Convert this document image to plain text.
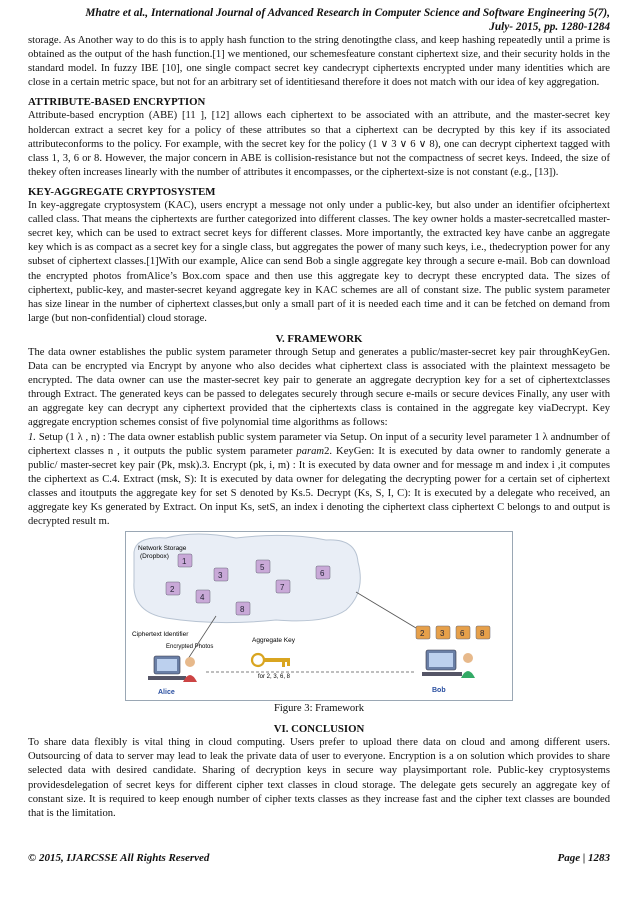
Mhatre et al., International Journal of Advanced Research in Computer Science and Software Engineering 5(7),
July- 2015, pp. 1280-1284

storage. As Another way to do this is to apply hash function to the string denotingthe class, and keep hashing repeatedly until a prime is obtained as the output of the hash function.[1] we mentioned, our schemesfeature constant ciphertext size, and their security holds in the standard model. In fuzzy IBE [10], one single compact secret key candecrypt ciphertexts encrypted under many identities which are close in a certain metric space, but not for an arbitrary set of identitiesand therefore it does not match with our idea of key aggregation.

ATTRIBUTE-BASED ENCRYPTION

Attribute-based encryption (ABE) [11 ], [12] allows each ciphertext to be associated with an attribute, and the master-secret key holdercan extract a secret key for a policy of these attributes so that a ciphertext can be decrypted by this key if its associated attributeconforms to the policy. For example, with the secret key for the policy (1 ∨ 3 ∨ 6 ∨ 8), one can decrypt ciphertext tagged with class 1, 3, 6 or 8. However, the major concern in ABE is collision-resistance but not the compactness of secret keys. Indeed, the size of thekey often increases linearly with the number of attributes it encompasses, or the ciphertext-size is not constant (e.g., [13]).

KEY-AGGREGATE CRYPTOSYSTEM

In key-aggregate cryptosystem (KAC), users encrypt a message not only under a public-key, but also under an identifier ofciphertext called class. That means the ciphertexts are further categorized into different classes. The key owner holds a master-secretcalled master-secret key, which can be used to extract secret keys for different classes. More importantly, the extracted key have canbe an aggregate key which is as compact as a secret key for a single class, but aggregates the power of many such keys, i.e., thedecryption power for any subset of ciphertext classes.[1]With our example, Alice can send Bob a single aggregate key through a secure e-mail. Bob can download the encrypted photos fromAlice’s Box.com space and then use this aggregate key to decrypt these encrypted data. The sizes of ciphertext, public-key, and master-secret keyand aggregate key in KAC schemes are all of constant size. The public system parameter has size linear in the number of ciphertext classes,but only a small part of it is needed each time and it can be fetched on demand from large (but non-confidential) cloud storage.

V. FRAMEWORK

The data owner establishes the public system parameter through Setup and generates a public/master-secret key pair throughKeyGen. Data can be encrypted via Encrypt by anyone who also decides what ciphertext class is associated with the plaintext messageto be encrypted. The data owner can use the master-secret key pair to generate an aggregate decryption key for a set of ciphertextclasses through Extract. The generated keys can be passed to delegates securely through secure e-mails or secure devices Finally, any user with an aggregate key can decrypt any ciphertext provided that the ciphertexts class is contained in the aggregate key viaDecrypt. Key aggregate encryption schemes consist of five polynomial time algorithms as follows:

1. Setup (1 λ , n) : The data owner establish public system parameter via Setup. On input of a security level parameter 1 λ andnumber of ciphertext classes n , it outputs the public system parameter param2. KeyGen: It is executed by data owner to randomly generate a public/ master-secret key pair (Pk, msk).3. Encrypt (pk, i, m) : It is executed by data owner and for message m and index i ,it computes the ciphertext as C.4. Extract (msk, S): It is executed by data owner for delegating the decrypting power for a certain set of ciphertext classes and itoutputs the aggregate key for set S denoted by Ks.5. Decrypt (Ks, S, I, C): It is executed by a delegate who received, an aggregate key Ks generated by Extract. On input Ks, setS, an index i denoting the ciphertext class ciphertext C belongs to and output is decrypted result m.

Network Storage
(Dropbox)
1
3
2
4
5
7
8
6
Ciphertext Identifier
Encrypted Photos
Alice
Aggregate Key
for 2, 3, 6, 8
2 3 6 8
Bob
Figure 3: Framework
VI. CONCLUSION

To share data flexibly is vital thing in cloud computing. Users prefer to upload there data on cloud and among different users. Outsourcing of data to server may lead to leak the private data of user to everyone. Encryption is a on solution which provides to share selected data with desired candidate. Sharing of decryption keys in secure way playsimportant role. Public-key cryptosystems providesdelegation of secret keys for different cipher text classes in cloud storage. The delegate gets securely an aggregate key of constant size. It is required to keep enough number of cipher texts classes as they increase fast and the cipher text classes are bounded that is the limitation.

© 2015, IJARCSSE All Rights Reserved	Page | 1283
